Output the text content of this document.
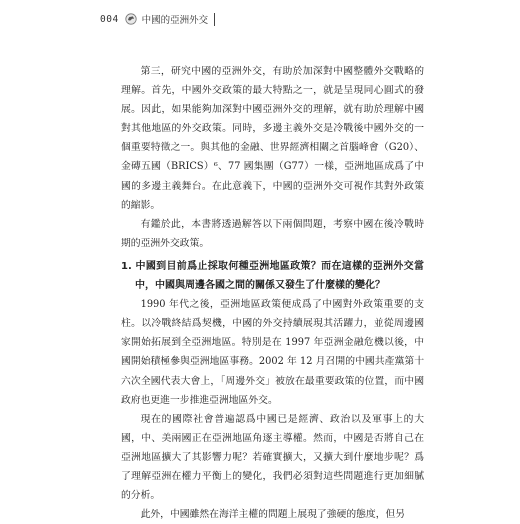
004 中國的亞洲外交

第三，研究中國的亞洲外交，有助於加深對中國整體外交戰略的理解。首先，中國外交政策的最大特點之一，就是呈現同心圓式的發展。因此，如果能夠加深對中國亞洲外交的理解，就有助於理解中國對其他地區的外交政策。同時，多邊主義外交是冷戰後中國外交的一個重要特徵之一。與其他的金融、世界經濟相關之首腦峰會（G20）、金磚五國（BRICS）⁶、77 國集團（G77）一樣，亞洲地區成爲了中國的多邊主義舞台。在此意義下，中國的亞洲外交可視作其對外政策的縮影。

有鑑於此，本書將透過解答以下兩個問題，考察中國在後冷戰時期的亞洲外交政策。

1. 中國到目前爲止採取何種亞洲地區政策？而在這樣的亞洲外交當中，中國與周邊各國之間的關係又發生了什麼樣的變化？

1990 年代之後，亞洲地區政策便成爲了中國對外政策重要的支柱。以冷戰終結爲契機，中國的外交持續展現其活躍力，並從周邊國家開始拓展到全亞洲地區。特別是在 1997 年亞洲金融危機以後，中國開始積極參與亞洲地區事務。2002 年 12 月召開的中國共產黨第十六次全國代表大會上，「周邊外交」被放在最重要政策的位置，而中國政府也更進一步推進亞洲地區外交。

現在的國際社會普遍認爲中國已是經濟、政治以及軍事上的大國，中、美兩國正在亞洲地區角逐主導權。然而，中國是否將自己在亞洲地區擴大了其影響力呢？若確實擴大，又擴大到什麼地步呢？爲了理解亞洲在權力平衡上的變化，我們必須對這些問題進行更加細膩的分析。

此外，中國雖然在海洋主權的問題上展現了強硬的態度，但另
